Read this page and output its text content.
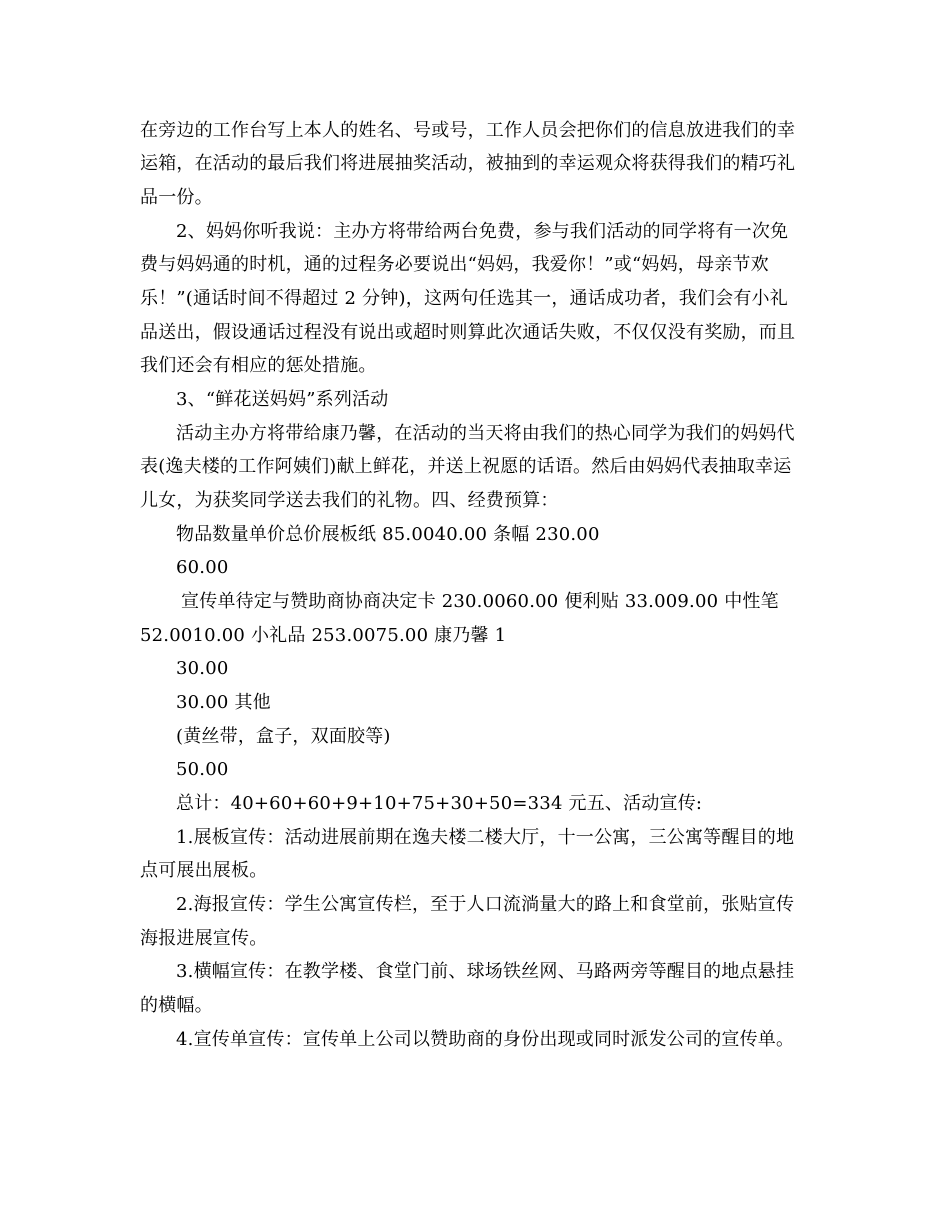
在旁边的工作台写上本人的姓名、号或号，工作人员会把你们的信息放进我们的幸
运箱，在活动的最后我们将进展抽奖活动，被抽到的幸运观众将获得我们的精巧礼
品一份。
2、妈妈你听我说：主办方将带给两台免费，参与我们活动的同学将有一次免
费与妈妈通的时机，通的过程务必要说出“妈妈，我爱你！”或“妈妈，母亲节欢
乐！”(通话时间不得超过 2 分钟)，这两句任选其一，通话成功者，我们会有小礼
品送出，假设通话过程没有说出或超时则算此次通话失败，不仅仅没有奖励，而且
我们还会有相应的惩处措施。
3、“鲜花送妈妈”系列活动
活动主办方将带给康乃馨，在活动的当天将由我们的热心同学为我们的妈妈代
表(逸夫楼的工作阿姨们)献上鲜花，并送上祝愿的话语。然后由妈妈代表抽取幸运
儿女，为获奖同学送去我们的礼物。四、经费预算：
物品数量单价总价展板纸 85.0040.00 条幅 230.00
60.00
宣传单待定与赞助商协商决定卡 230.0060.00 便利贴 33.009.00 中性笔
52.0010.00 小礼品 253.0075.00 康乃馨 1
30.00
30.00 其他
(黄丝带，盒子，双面胶等)
50.00
总计：40+60+60+9+10+75+30+50=334 元五、活动宣传:
1.展板宣传：活动进展前期在逸夫楼二楼大厅，十一公寓，三公寓等醒目的地
点可展出展板。
2.海报宣传：学生公寓宣传栏，至于人口流淌量大的路上和食堂前，张贴宣传
海报进展宣传。
3.横幅宣传：在教学楼、食堂门前、球场铁丝网、马路两旁等醒目的地点悬挂
的横幅。
4.宣传单宣传：宣传单上公司以赞助商的身份出现或同时派发公司的宣传单。
